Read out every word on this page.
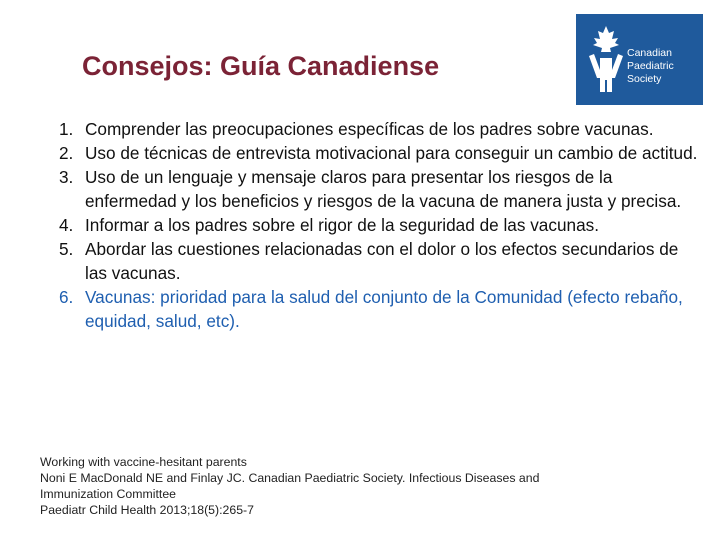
Consejos: Guía Canadiense	Canadian
Paediatric
Society
1. Comprender las preocupaciones específicas de los padres sobre vacunas.
2. Uso de técnicas de entrevista motivacional para conseguir un cambio de actitud.
3. Uso de un lenguaje y mensaje claros para presentar los riesgos de la enfermedad y los beneficios y riesgos de la vacuna de manera justa y precisa.
4. Informar a los padres sobre el rigor de la seguridad de las vacunas.
5. Abordar las cuestiones relacionadas con el dolor o los efectos secundarios de las vacunas.
6. Vacunas: prioridad para la salud del conjunto de la Comunidad (efecto rebaño, equidad, salud, etc).
Working with vaccine-hesitant parents
Noni E MacDonald NE and Finlay JC. Canadian Paediatric Society. Infectious Diseases and
Immunization Committee
Paediatr Child Health 2013;18(5):265-7
